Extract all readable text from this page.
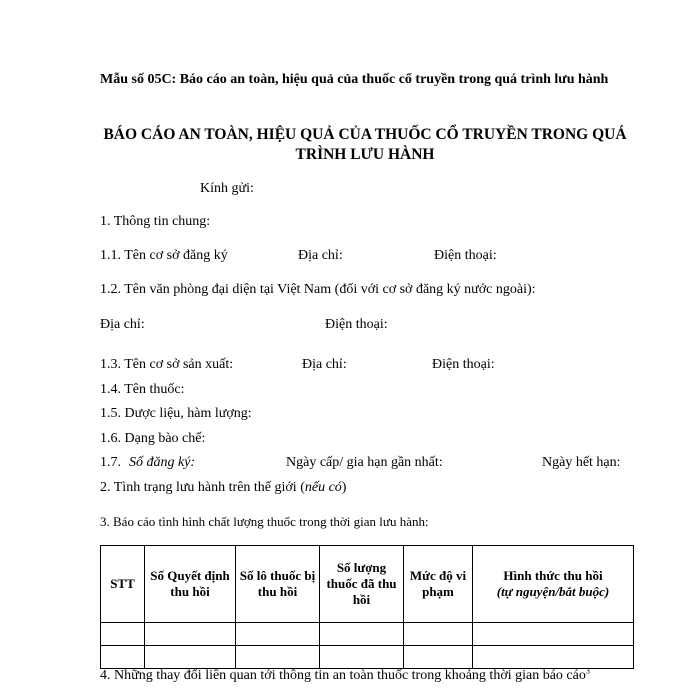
Mẫu số 05C: Báo cáo an toàn, hiệu quả của thuốc cổ truyền trong quá trình lưu hành
BÁO CÁO AN TOÀN, HIỆU QUẢ CỦA THUỐC CỔ TRUYỀN TRONG QUÁ TRÌNH LƯU HÀNH
Kính gửi:
1. Thông tin chung:
1.1. Tên cơ sở đăng ký	Địa chỉ:	Điện thoại:
1.2. Tên văn phòng đại diện tại Việt Nam (đối với cơ sở đăng ký nước ngoài):
Địa chỉ:	Điện thoại:
1.3. Tên cơ sở sản xuất:	Địa chỉ:	Điện thoại:
1.4. Tên thuốc:
1.5. Dược liệu, hàm lượng:
1.6. Dạng bào chế:
1.7. Số đăng ký:	Ngày cấp/ gia hạn gần nhất:	Ngày hết hạn:
2. Tình trạng lưu hành trên thế giới (nếu có)
3. Báo cáo tình hình chất lượng thuốc trong thời gian lưu hành:
STT	Số Quyết định thu hồi	Số lô thuốc bị thu hồi	Số lượng thuốc đã thu hồi	Mức độ vi phạm	Hình thức thu hồi
(tự nguyện/bắt buộc)

4. Những thay đổi liên quan tới thông tin an toàn thuốc trong khoảng thời gian báo cáo$^3$
